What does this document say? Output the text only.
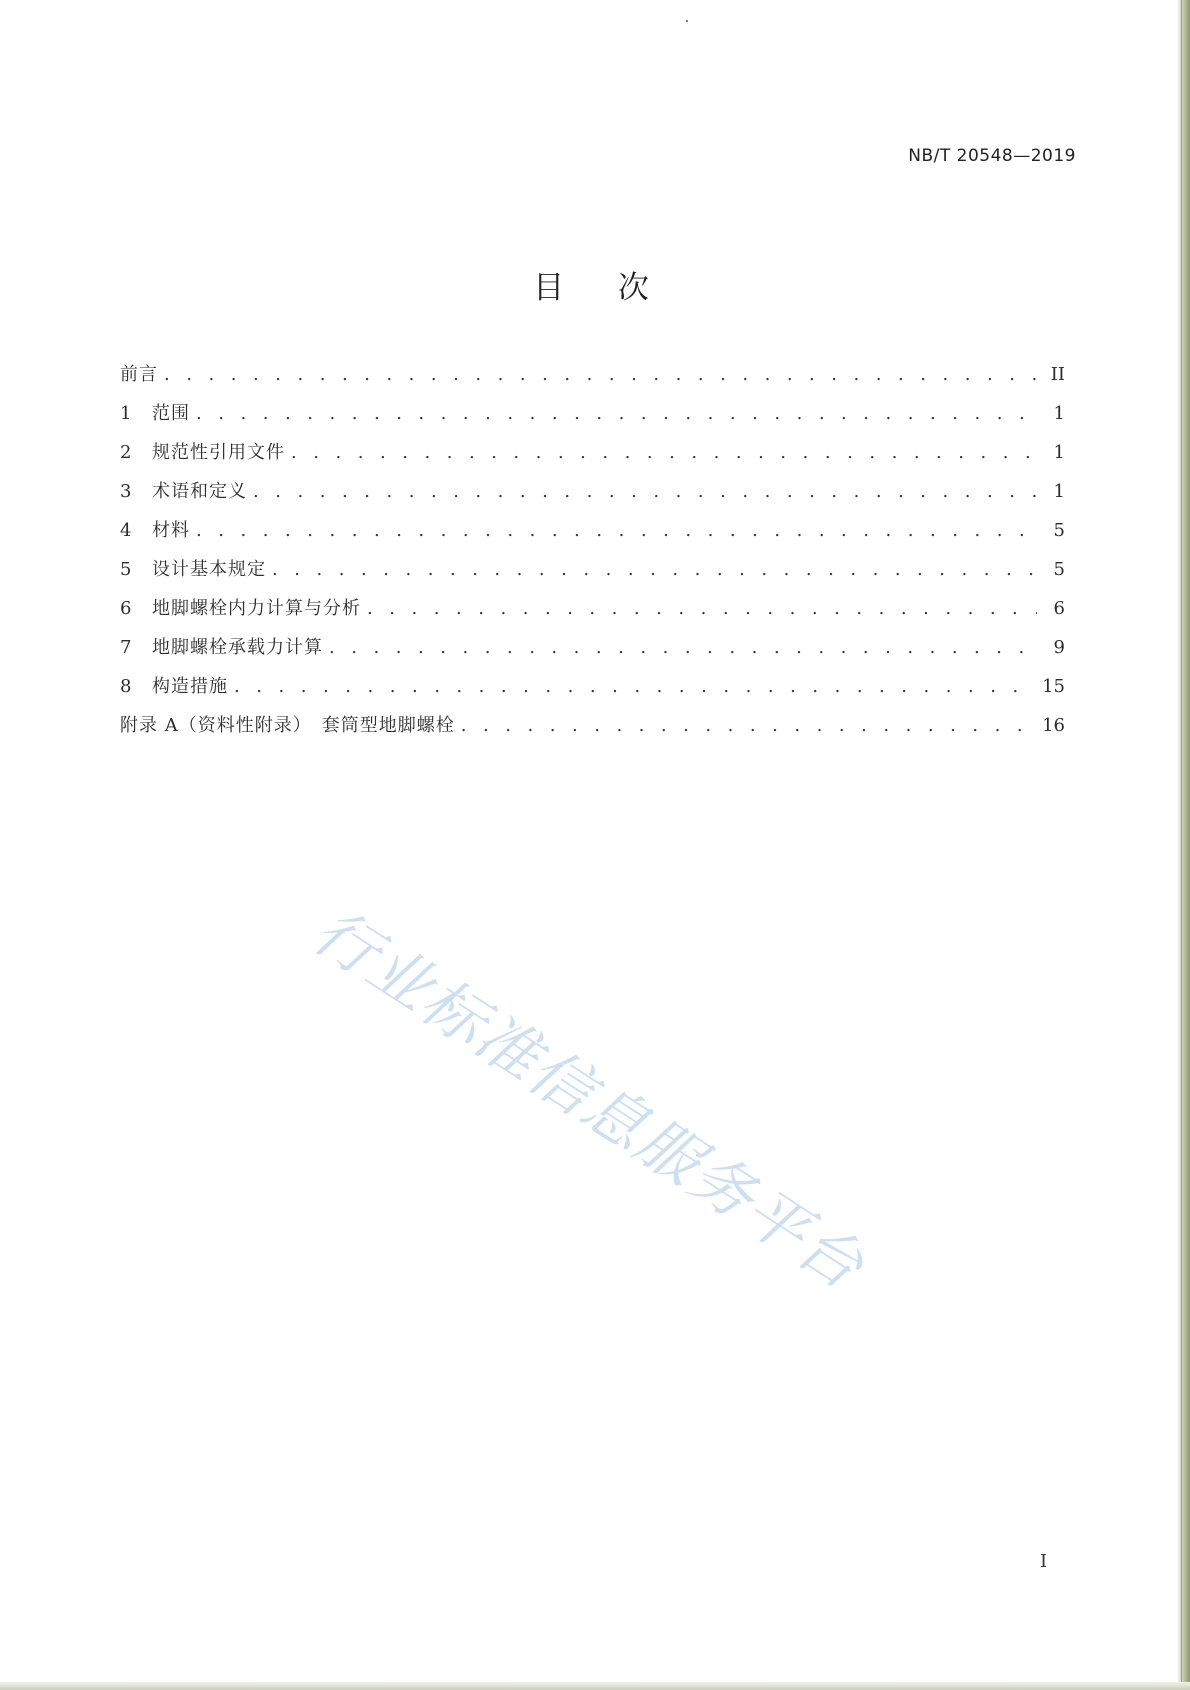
NB/T 20548—2019
目 次
前言 . . .	II
1	范围 . . .	1
2	规范性引用文件 . . .	1
3	术语和定义 . . .	1
4	材料 . . .	5
5	设计基本规定 . . .	5
6	地脚螺栓内力计算与分析 . . .	6
7	地脚螺栓承载力计算 . . .	9
8	构造措施 . . .	15
附录 A（资料性附录）　套筒型地脚螺栓 . . .	16
行业标准信息服务平台
I
